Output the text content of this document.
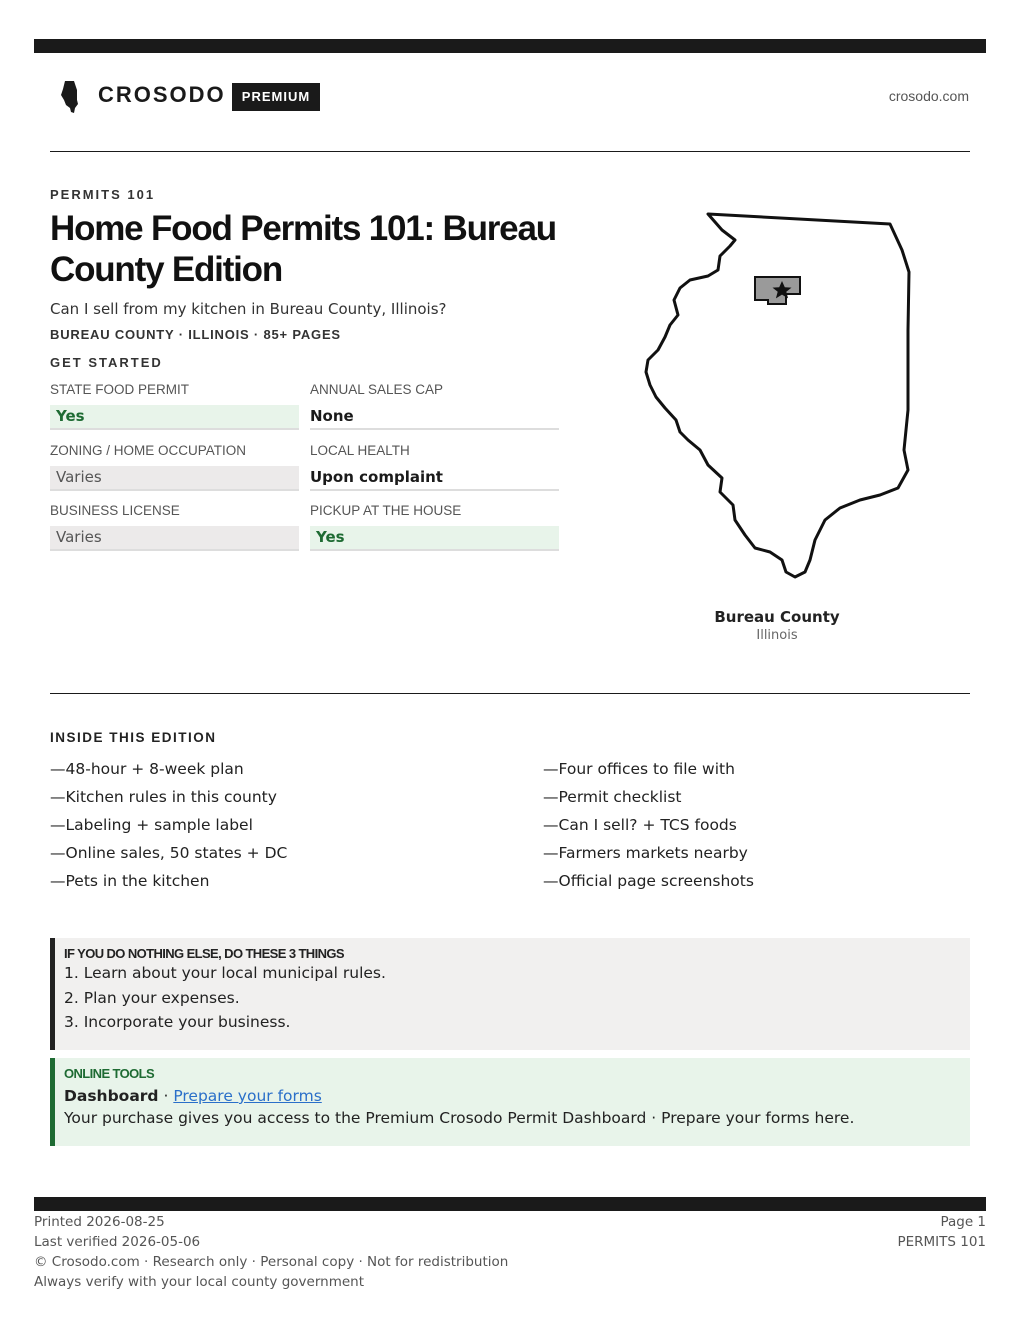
CROSODO	PREMIUM	crosodo.com
PERMITS 101
Home Food Permits 101: Bureau County Edition
Can I sell from my kitchen in Bureau County, Illinois?
BUREAU COUNTY · ILLINOIS · 85+ PAGES
GET STARTED
STATE FOOD PERMIT
Yes
ANNUAL SALES CAP
None
ZONING / HOME OCCUPATION
Varies
LOCAL HEALTH
Upon complaint
BUSINESS LICENSE
Varies
PICKUP AT THE HOUSE
Yes
Bureau County
Illinois
INSIDE THIS EDITION
—48-hour + 8-week plan
—Kitchen rules in this county
—Labeling + sample label
—Online sales, 50 states + DC
—Pets in the kitchen
—Four offices to file with
—Permit checklist
—Can I sell? + TCS foods
—Farmers markets nearby
—Official page screenshots
IF YOU DO NOTHING ELSE, DO THESE 3 THINGS
1. Learn about your local municipal rules.
2. Plan your expenses.
3. Incorporate your business.
ONLINE TOOLS
Dashboard · Prepare your forms
Your purchase gives you access to the Premium Crosodo Permit Dashboard · Prepare your forms here.
Printed 2026-08-25
Last verified 2026-05-06
© Crosodo.com · Research only · Personal copy · Not for redistribution
Always verify with your local county government
Page 1
PERMITS 101
